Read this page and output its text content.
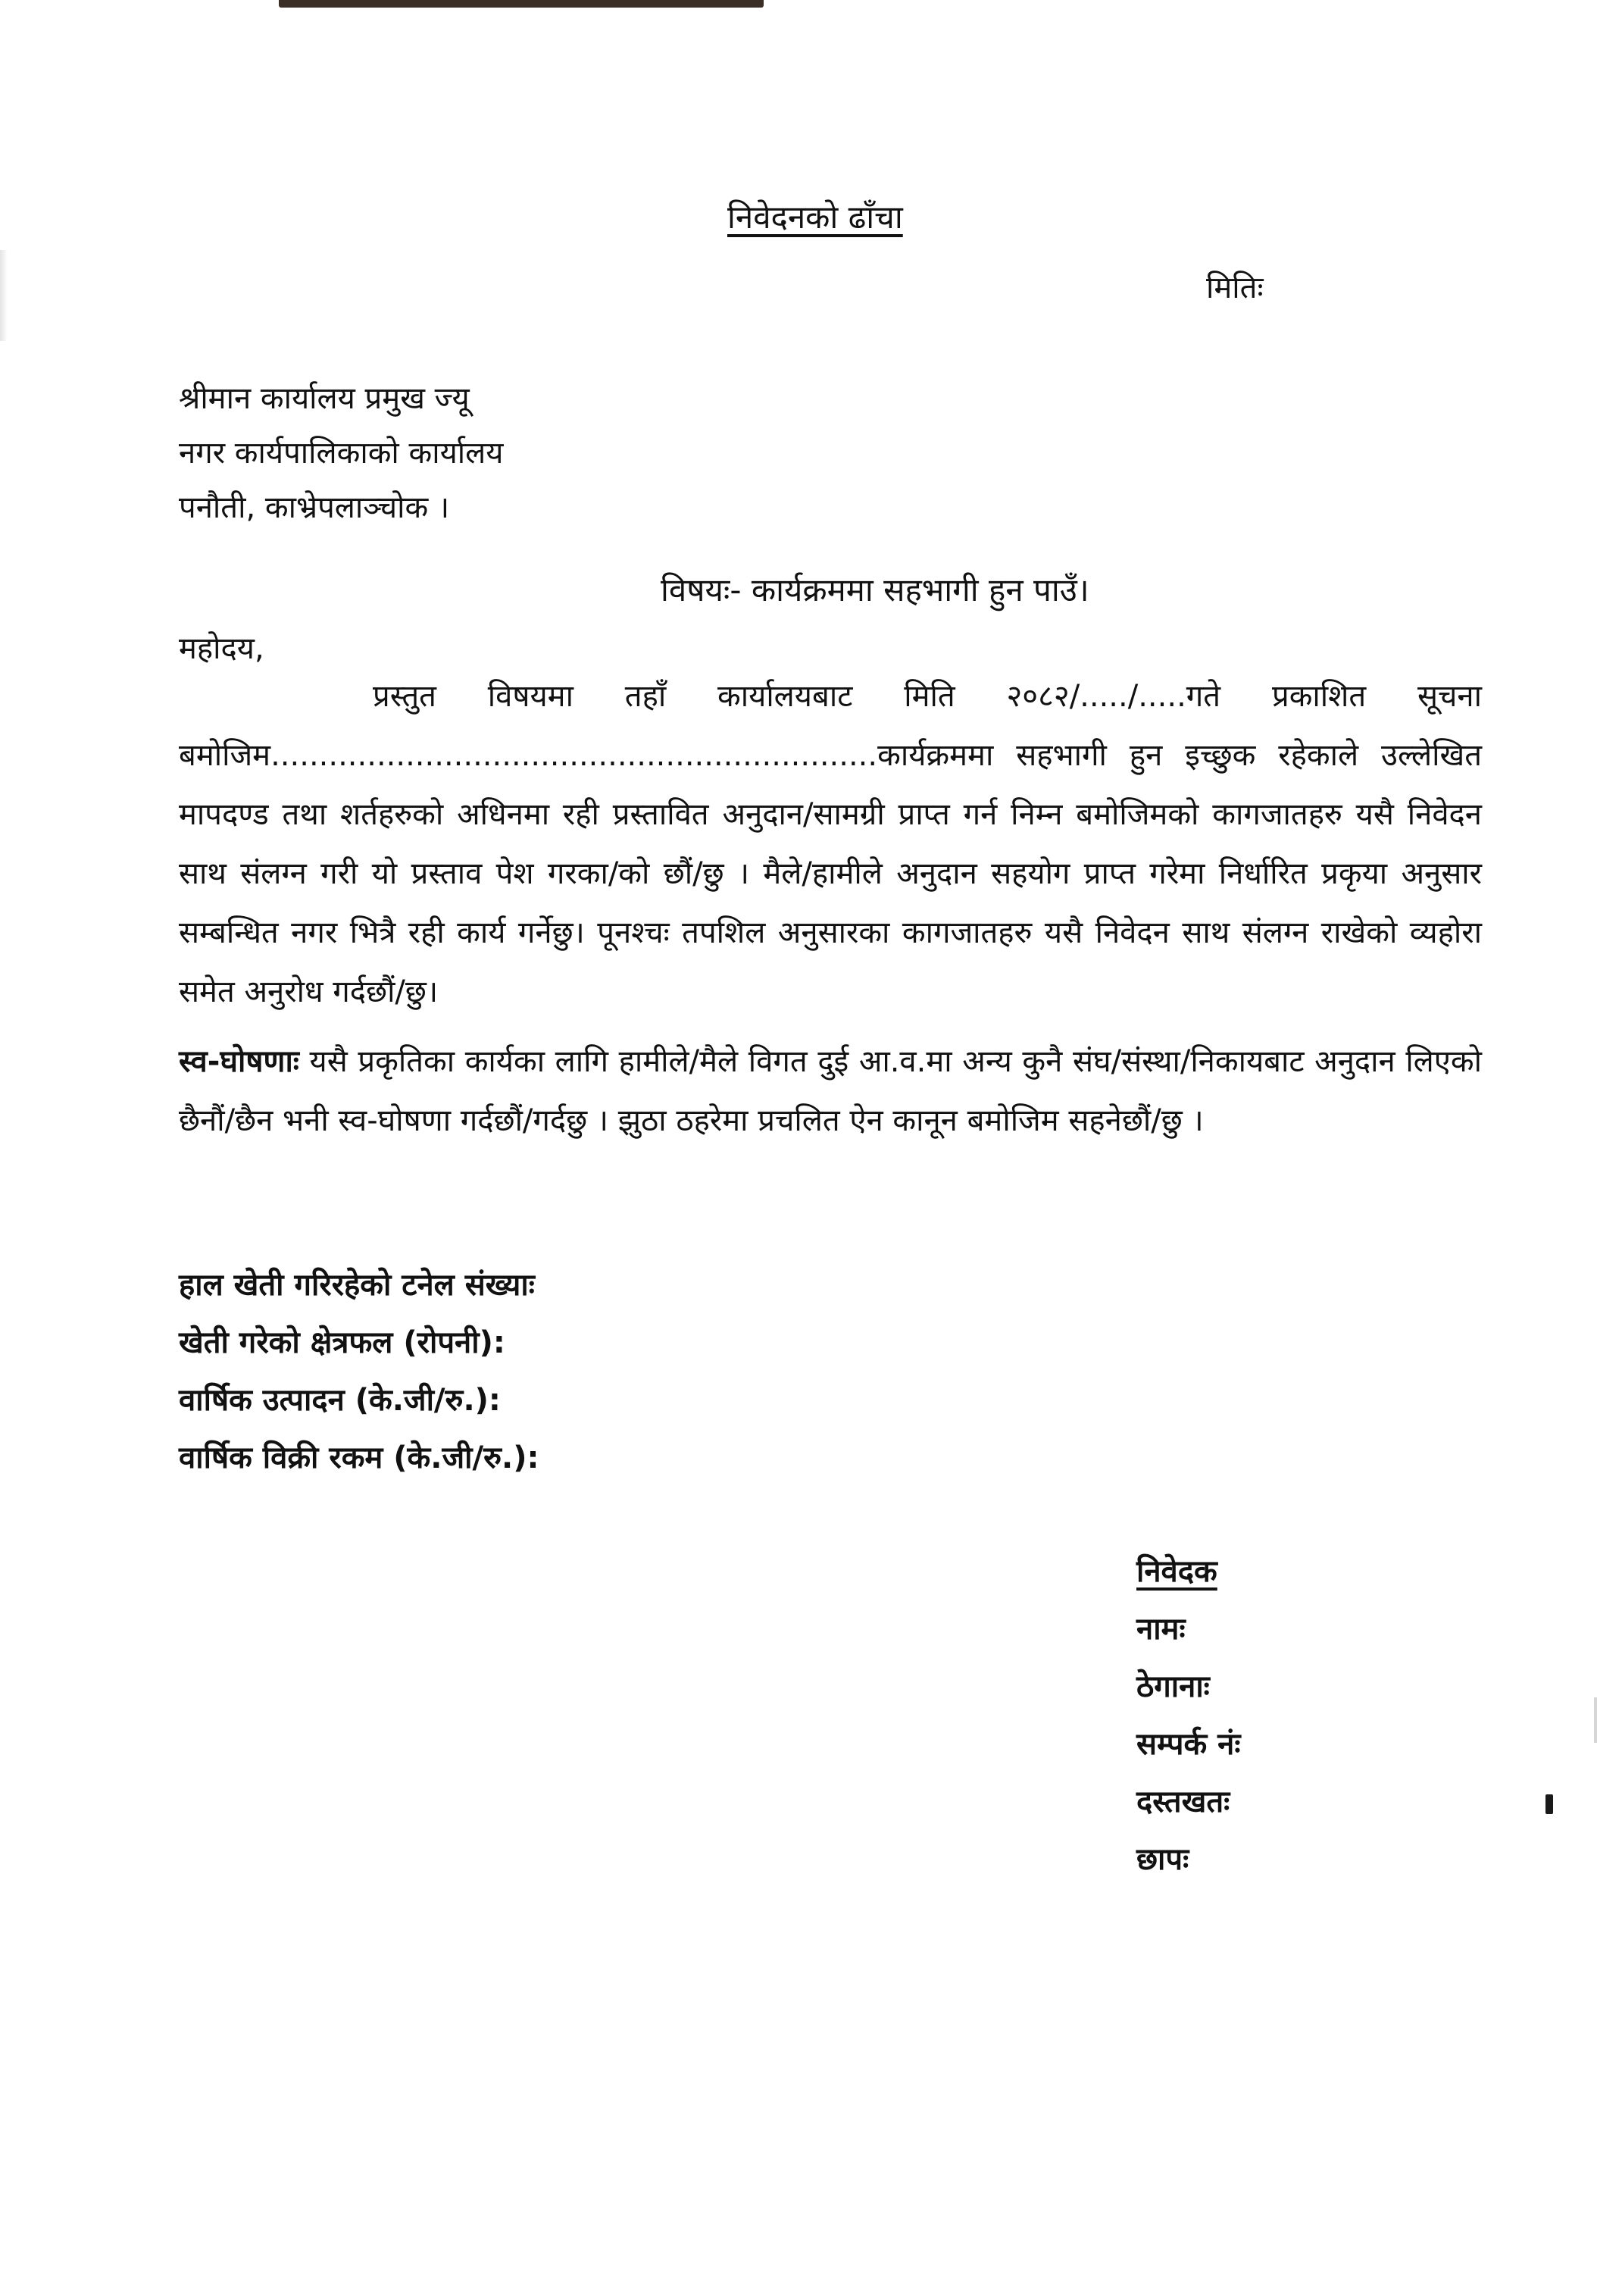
निवेदनको ढाँचा
मितिः
श्रीमान कार्यालय प्रमुख ज्यू
नगर कार्यपालिकाको कार्यालय
पनौती, काभ्रेपलाञ्चोक ।
विषयः- कार्यक्रममा सहभागी हुन पाउँ।
महोदय,

प्रस्तुत विषयमा तहाँ कार्यालयबाट मिति २०८२/...../.....गते प्रकाशित सूचना बमोजिम...............................................................कार्यक्रममा सहभागी हुन इच्छुक रहेकाले उल्लेखित मापदण्ड तथा शर्तहरुको अधिनमा रही प्रस्तावित अनुदान/सामग्री प्राप्त गर्न निम्न बमोजिमको कागजातहरु यसै निवेदन साथ संलग्न गरी यो प्रस्ताव पेश गरका/को छौं/छु । मैले/हामीले अनुदान सहयोग प्राप्त गरेमा निर्धारित प्रकृया अनुसार सम्बन्धित नगर भित्रै रही कार्य गर्नेछु। पूनश्चः तपशिल अनुसारका कागजातहरु यसै निवेदन साथ संलग्न राखेको व्यहोरा समेत अनुरोध गर्दछौं/छु।

स्व-घोषणाः यसै प्रकृतिका कार्यका लागि हामीले/मैले विगत दुई आ.व.मा अन्य कुनै संघ/संस्था/निकायबाट अनुदान लिएको छैनौं/छैन भनी स्व-घोषणा गर्दछौं/गर्दछु । झुठा ठहरेमा प्रचलित ऐन कानून बमोजिम सहनेछौं/छु ।

हाल खेती गरिरहेको टनेल संख्याः
खेती गरेको क्षेत्रफल (रोपनी):
वार्षिक उत्पादन (के.जी/रु.):
वार्षिक विक्री रकम (के.जी/रु.):
निवेदक
नामः
ठेगानाः
सम्पर्क नंः
दस्तखतः
छापः
